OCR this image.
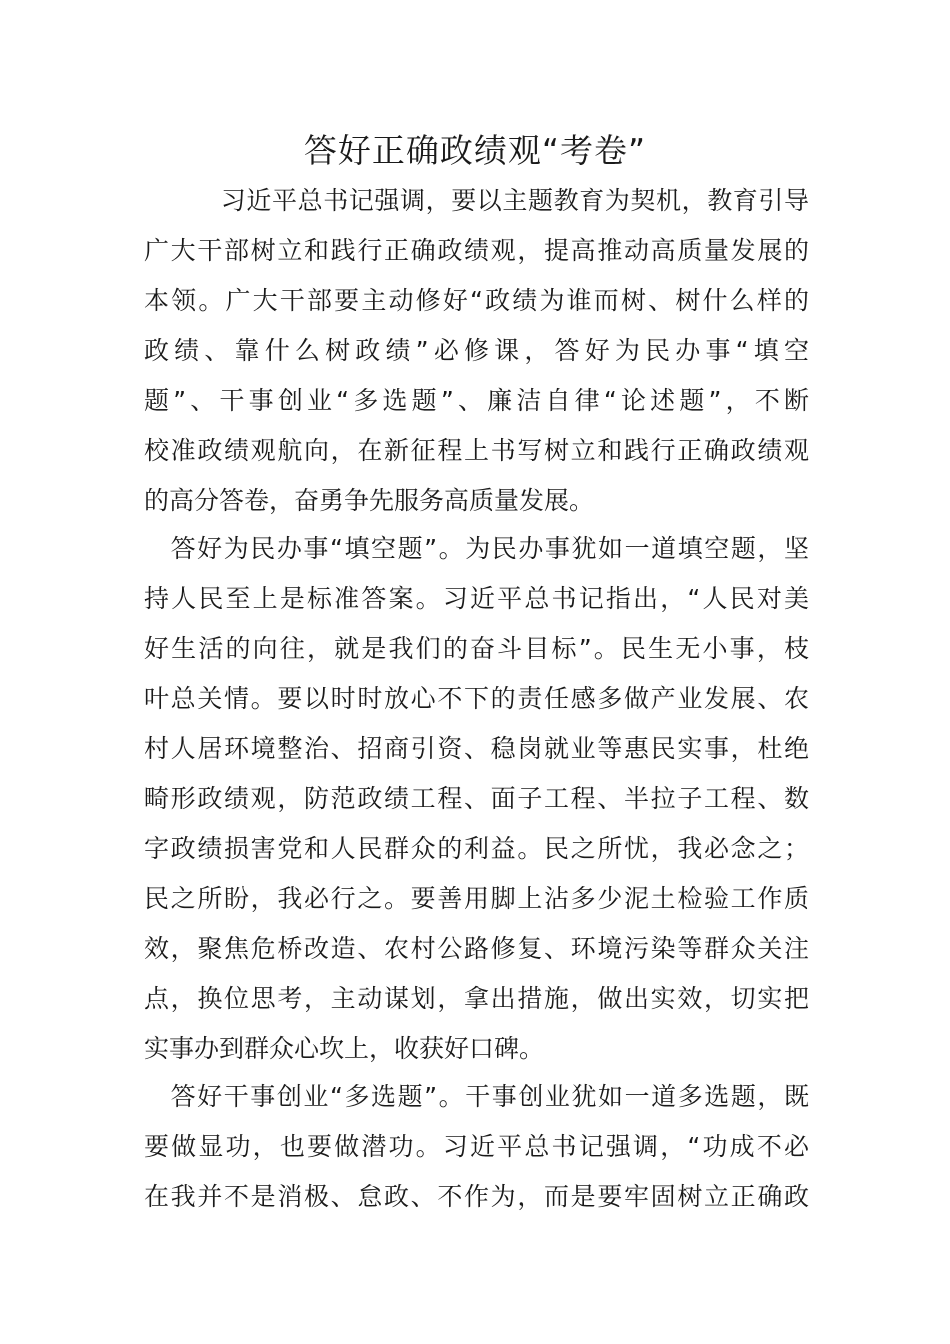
答好正确政绩观“考卷”
　　　习近平总书记强调，要以主题教育为契机，教育引导
广大干部树立和践行正确政绩观，提高推动高质量发展的
本领。广大干部要主动修好“政绩为谁而树、树什么样的
政绩、靠什么树政绩”必修课，答好为民办事“填空
题”、干事创业“多选题”、廉洁自律“论述题”，不断
校准政绩观航向，在新征程上书写树立和践行正确政绩观
的高分答卷，奋勇争先服务高质量发展。
　答好为民办事“填空题”。为民办事犹如一道填空题，坚
持人民至上是标准答案。习近平总书记指出，“人民对美
好生活的向往，就是我们的奋斗目标”。民生无小事，枝
叶总关情。要以时时放心不下的责任感多做产业发展、农
村人居环境整治、招商引资、稳岗就业等惠民实事，杜绝
畸形政绩观，防范政绩工程、面子工程、半拉子工程、数
字政绩损害党和人民群众的利益。民之所忧，我必念之；
民之所盼，我必行之。要善用脚上沾多少泥土检验工作质
效，聚焦危桥改造、农村公路修复、环境污染等群众关注
点，换位思考，主动谋划，拿出措施，做出实效，切实把
实事办到群众心坎上，收获好口碑。
　答好干事创业“多选题”。干事创业犹如一道多选题，既
要做显功，也要做潜功。习近平总书记强调，“功成不必
在我并不是消极、怠政、不作为，而是要牢固树立正确政
